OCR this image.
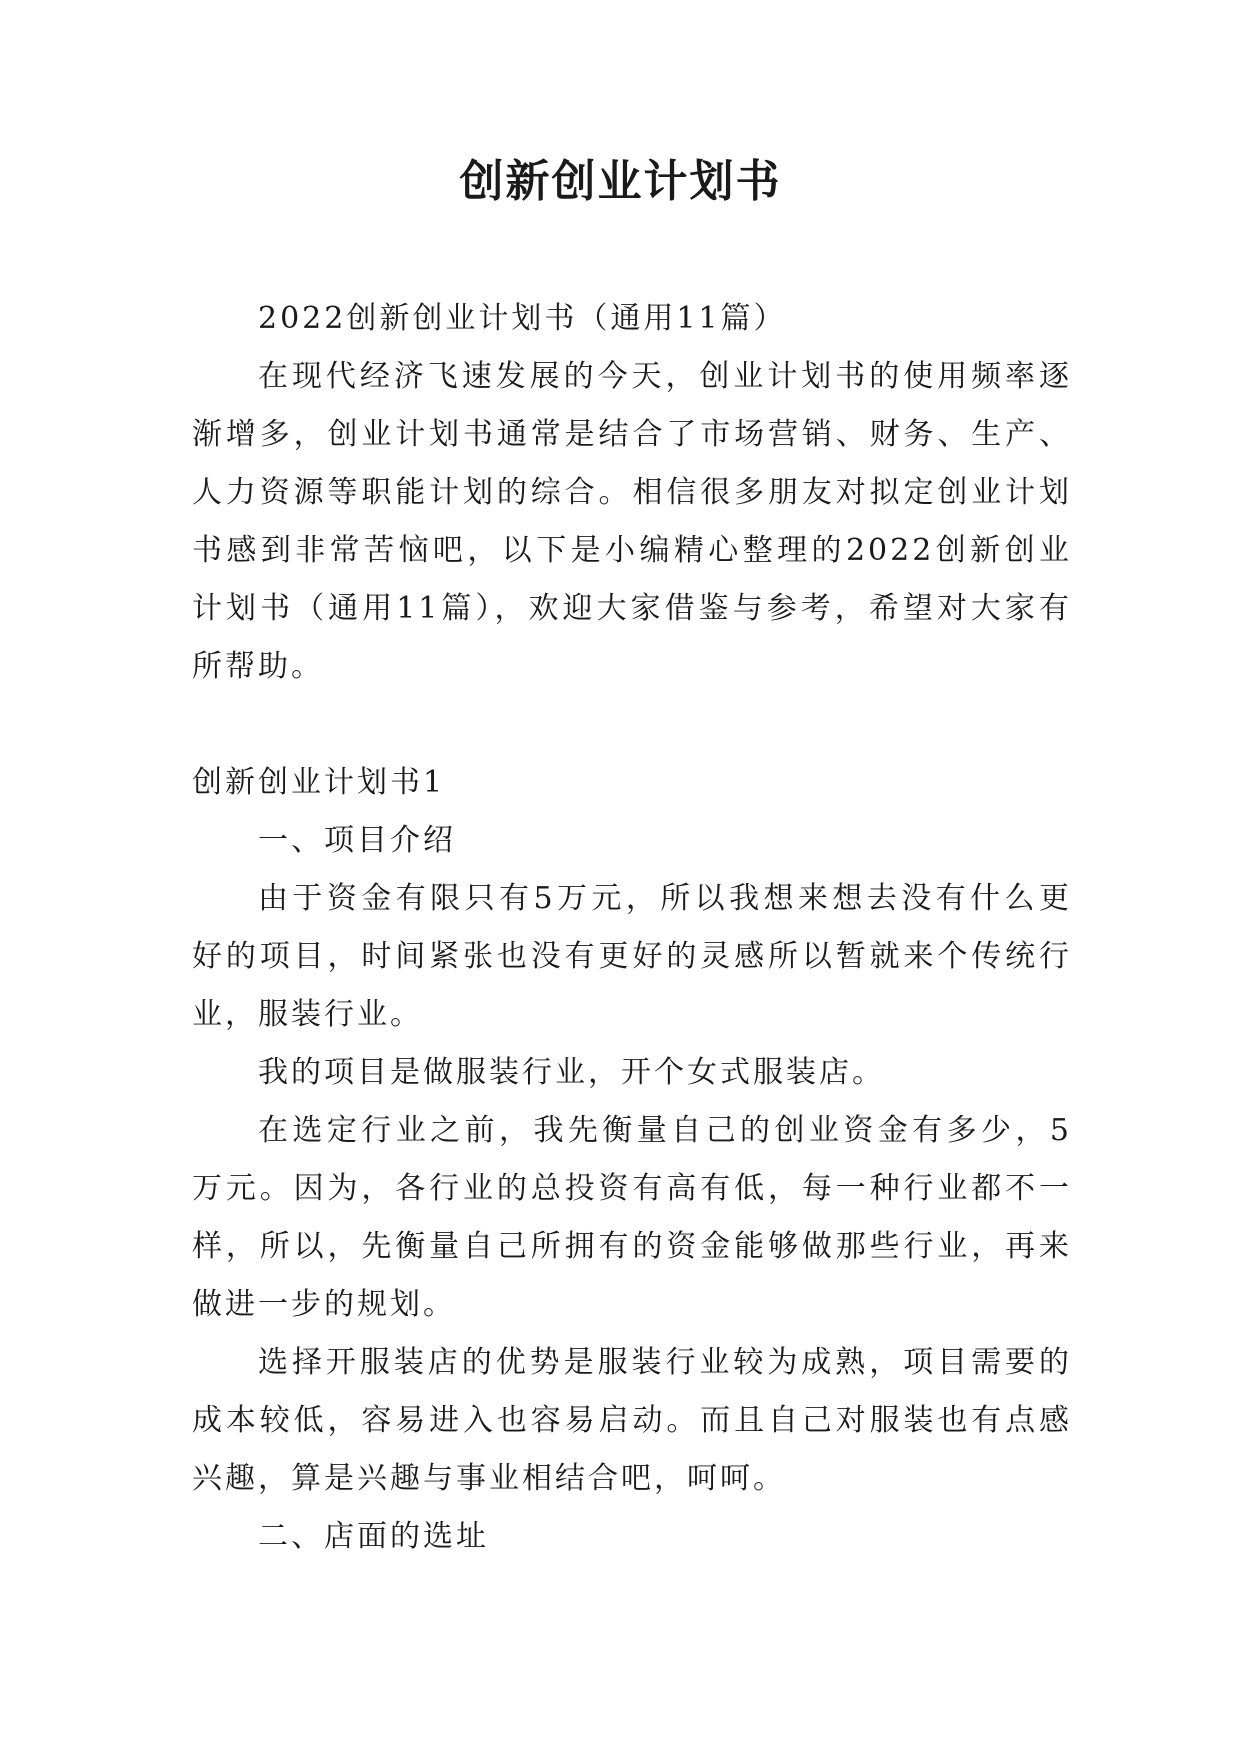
创新创业计划书

2022创新创业计划书（通用11篇）

在现代经济飞速发展的今天，创业计划书的使用频率逐渐增多，创业计划书通常是结合了市场营销、财务、生产、人力资源等职能计划的综合。相信很多朋友对拟定创业计划书感到非常苦恼吧，以下是小编精心整理的2022创新创业计划书（通用11篇），欢迎大家借鉴与参考，希望对大家有所帮助。

创新创业计划书1

一、项目介绍

由于资金有限只有5万元，所以我想来想去没有什么更好的项目，时间紧张也没有更好的灵感所以暂就来个传统行业，服装行业。

我的项目是做服装行业，开个女式服装店。

在选定行业之前，我先衡量自己的创业资金有多少，5万元。因为，各行业的总投资有高有低，每一种行业都不一样，所以，先衡量自己所拥有的资金能够做那些行业，再来做进一步的规划。

选择开服装店的优势是服装行业较为成熟，项目需要的成本较低，容易进入也容易启动。而且自己对服装也有点感兴趣，算是兴趣与事业相结合吧，呵呵。

二、店面的选址
